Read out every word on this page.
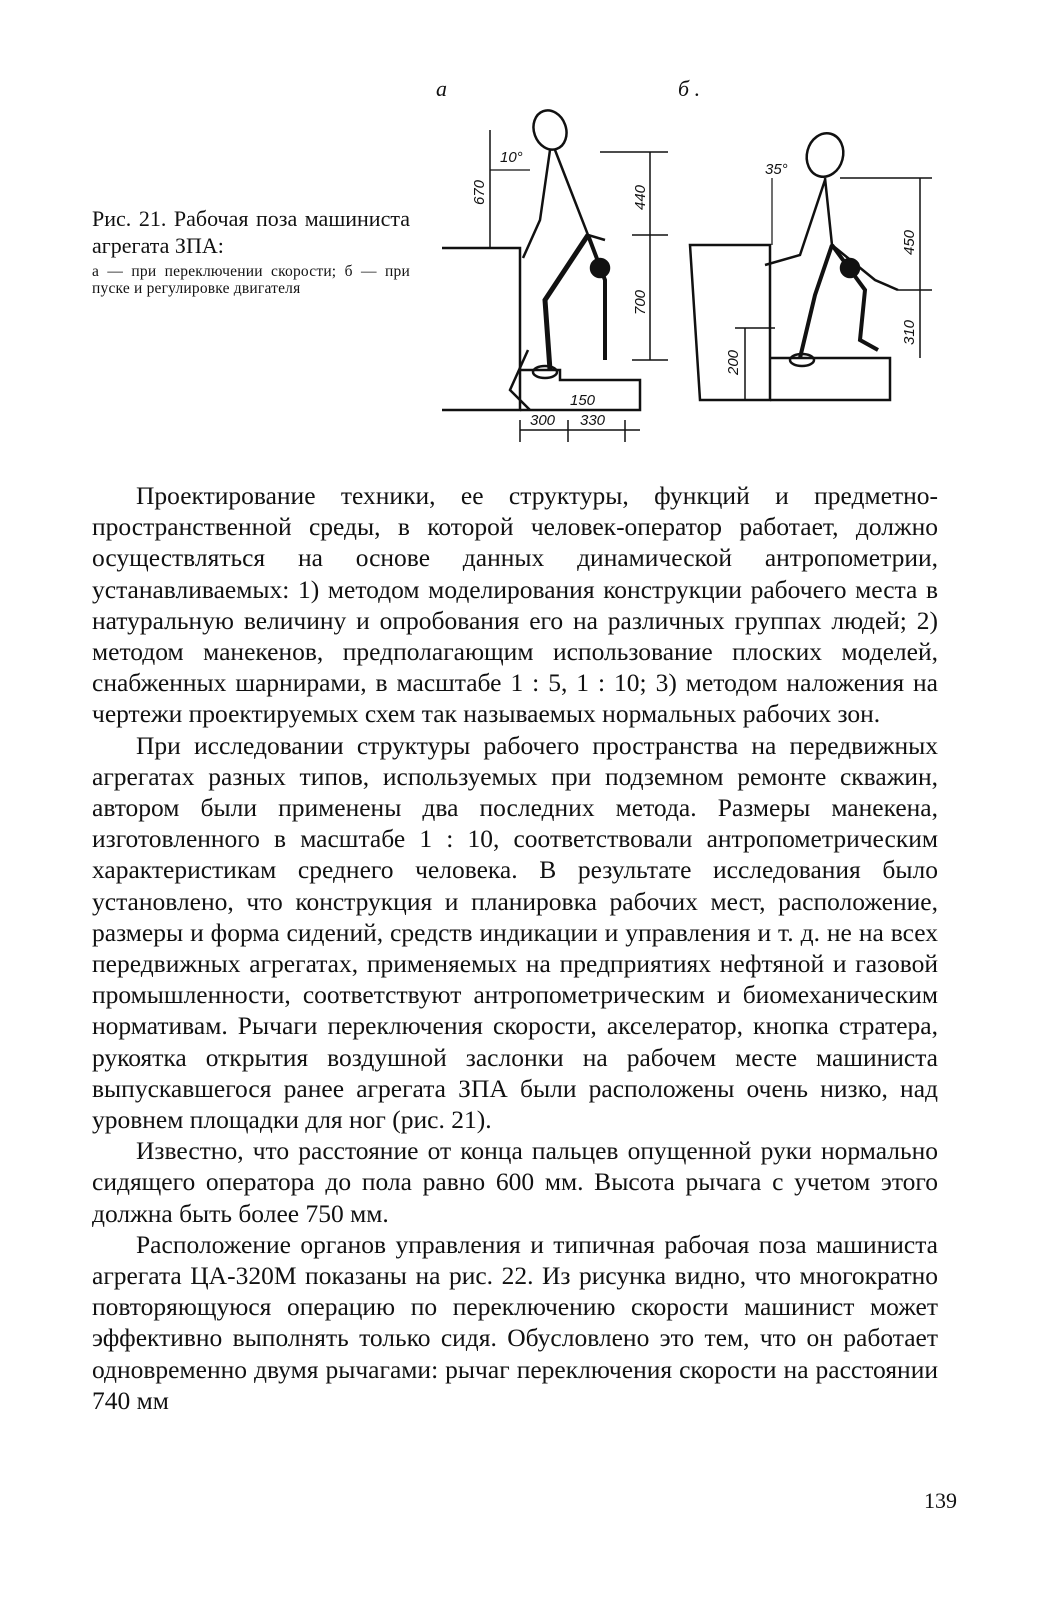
Рис. 21. Рабочая поза машиниста агрегата ЗПА:

а — при переключении скорости; б — при пуске и регулировке двигателя

10°
670	440
700
150
300 330
35°
450
200
310
а	б .

Проектирование техники, ее структуры, функций и предметно-пространственной среды, в которой человек-оператор работает, должно осуществляться на основе данных динамической антропометрии, устанавливаемых: 1) методом моделирования конструкции рабочего места в натуральную величину и опробования его на различных группах людей; 2) методом манекенов, предполагающим использование плоских моделей, снабженных шарнирами, в масштабе 1 : 5, 1 : 10; 3) методом наложения на чертежи проектируемых схем так называемых нормальных рабочих зон.

При исследовании структуры рабочего пространства на передвижных агрегатах разных типов, используемых при подземном ремонте скважин, автором были применены два последних метода. Размеры манекена, изготовленного в масштабе 1 : 10, соответствовали антропометрическим характеристикам среднего человека. В результате исследования было установлено, что конструкция и планировка рабочих мест, расположение, размеры и форма сидений, средств индикации и управления и т. д. не на всех передвижных агрегатах, применяемых на предприятиях нефтяной и газовой промышленности, соответствуют антропометрическим и биомеханическим нормативам. Рычаги переключения скорости, акселератор, кнопка стратера, рукоятка открытия воздушной заслонки на рабочем месте машиниста выпускавшегося ранее агрегата ЗПА были расположены очень низко, над уровнем площадки для ног (рис. 21).

Известно, что расстояние от конца пальцев опущенной руки нормально сидящего оператора до пола равно 600 мм. Высота рычага с учетом этого должна быть более 750 мм.

Расположение органов управления и типичная рабочая поза машиниста агрегата ЦА-320М показаны на рис. 22. Из рисунка видно, что многократно повторяющуюся операцию по переключению скорости машинист может эффективно выполнять только сидя. Обусловлено это тем, что он работает одновременно двумя рычагами: рычаг переключения скорости на расстоянии 740 мм

139
